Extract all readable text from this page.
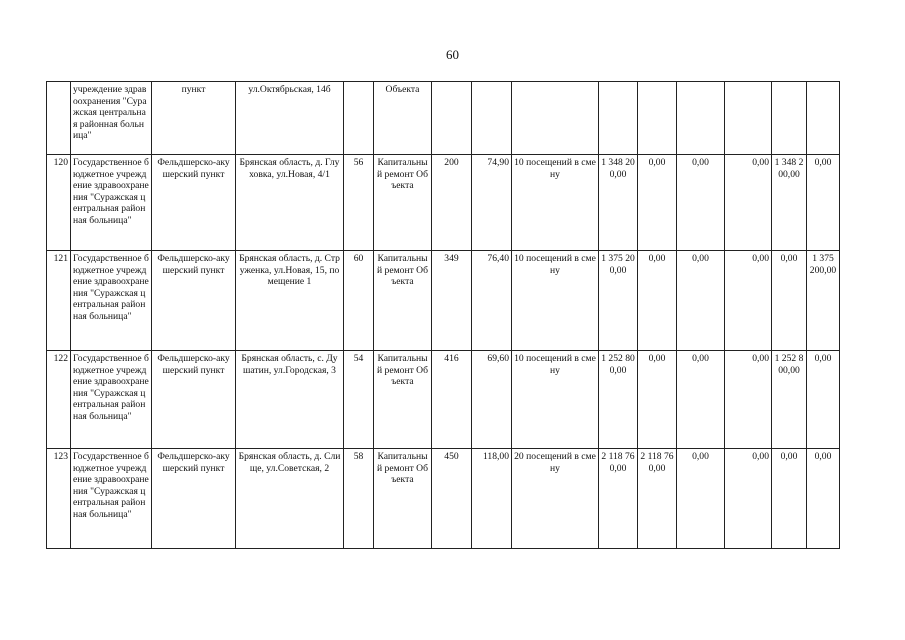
60
	учреждение здравоохранения "Суражская центральная районная больница"	пункт	ул.Октябрьская, 14б		Объекта									
120	Государственное бюджетное учреждение здравоохранения "Суражская центральная районная больница"	Фельдшерско-акушерский пункт	Брянская область, д. Глуховка, ул.Новая, 4/1	56	Капитальный ремонт Объекта	200	74,90	10 посещений в смену	1 348 200,00	0,00	0,00	0,00	1 348 200,00	0,00
121	Государственное бюджетное учреждение здравоохранения "Суражская центральная районная больница"	Фельдшерско-акушерский пункт	Брянская область, д. Струженка, ул.Новая, 15, помещение 1	60	Капитальный ремонт Объекта	349	76,40	10 посещений в смену	1 375 200,00	0,00	0,00	0,00	0,00	1 375 200,00
122	Государственное бюджетное учреждение здравоохранения "Суражская центральная районная больница"	Фельдшерско-акушерский пункт	Брянская область, с. Душатин, ул.Городская, 3	54	Капитальный ремонт Объекта	416	69,60	10 посещений в смену	1 252 800,00	0,00	0,00	0,00	1 252 800,00	0,00
123	Государственное бюджетное учреждение здравоохранения "Суражская центральная районная больница"	Фельдшерско-акушерский пункт	Брянская область, д. Слище, ул.Советская, 2	58	Капитальный ремонт Объекта	450	118,00	20 посещений в смену	2 118 760,00	2 118 760,00	0,00	0,00	0,00	0,00
